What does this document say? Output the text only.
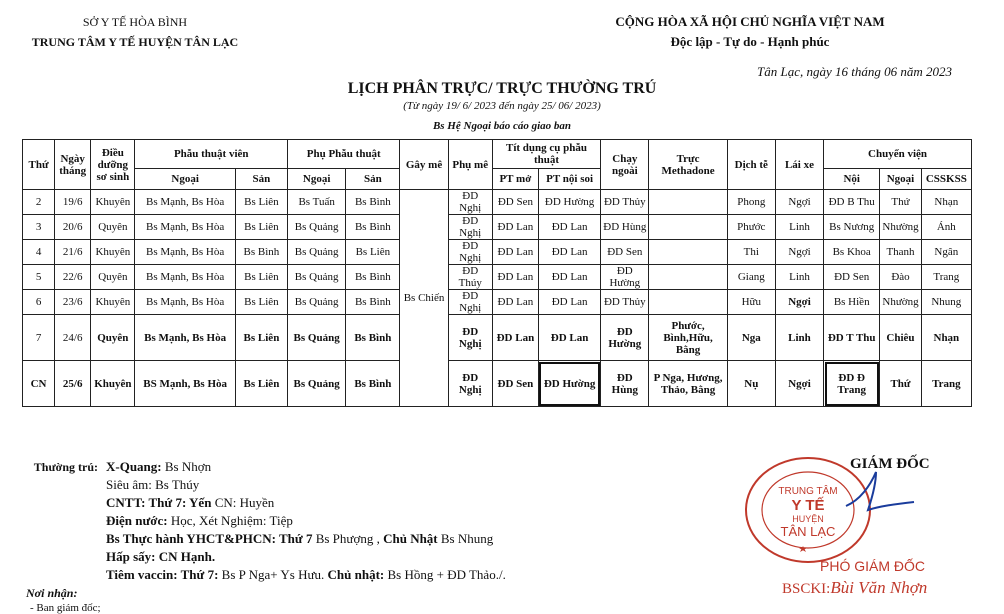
SỞ Y TẾ HÒA BÌNH
TRUNG TÂM Y TẾ HUYỆN TÂN LẠC
CỘNG HÒA XÃ HỘI CHỦ NGHĨA VIỆT NAM
Độc lập - Tự do - Hạnh phúc
Tân Lạc, ngày 16 tháng 06 năm 2023
LỊCH PHÂN TRỰC/ TRỰC THƯỜNG TRÚ
(Từ ngày 19/ 6/ 2023 đến ngày 25/ 06/ 2023)
Bs Hệ Ngoại báo cáo giao ban
Thứ	Ngày tháng	Điều dưỡng sơ sinh	Phẫu thuật viên		Phụ Phẫu thuật		Gây mê	Phụ mê	Tít dụng cụ phẫu thuật		Chạy ngoài	Trực Methadone	Dịch tễ	Lái xe	Chuyển viện		
			Ngoại	Sản	Ngoại	Sản			PT mở	PT nội soi					Nội	Ngoại	CSSKSS
2	19/6	Khuyên	Bs Mạnh, Bs Hòa	Bs Liên	Bs Tuấn	Bs Bình	Bs Chiến	ĐD Nghị	ĐD Sen	ĐD Hường	ĐD Thủy		Phong	Ngợi	ĐD B Thu	Thứ	Nhạn
3	20/6	Quyên	Bs Mạnh, Bs Hòa	Bs Liên	Bs Quảng	Bs Bình		ĐD Nghị	ĐD Lan	ĐD Lan	ĐD Hùng		Phước	Linh	Bs Nương	Nhường	Ánh
4	21/6	Khuyên	Bs Mạnh, Bs Hòa	Bs Bình	Bs Quảng	Bs Liên		ĐD Nghị	ĐD Lan	ĐD Lan	ĐD Sen		Thi	Ngợi	Bs Khoa	Thanh	Ngân
5	22/6	Quyên	Bs Mạnh, Bs Hòa	Bs Liên	Bs Quảng	Bs Bình		ĐD Thúy	ĐD Lan	ĐD Lan	ĐD Hường		Giang	Linh	ĐD Sen	Đào	Trang
6	23/6	Khuyên	Bs Mạnh, Bs Hòa	Bs Liên	Bs Quảng	Bs Bình		ĐD Nghị	ĐD Lan	ĐD Lan	ĐD Thủy		Hữu	Ngợi	Bs Hiền	Nhường	Nhung
7	24/6	Quyên	Bs Mạnh, Bs Hòa	Bs Liên	Bs Quảng	Bs Bình		ĐD Nghị	ĐD Lan	ĐD Lan	ĐD Hường	Phước, Bình,Hữu, Bằng	Nga	Linh	ĐD T Thu	Chiêu	Nhạn
CN	25/6	Khuyên	BS Mạnh, Bs Hòa	Bs Liên	Bs Quảng	Bs Bình		ĐD Nghị	ĐD Sen	ĐD Hường	ĐD Hùng	P Nga, Hương, Thảo, Bằng	Nụ	Ngợi	ĐD Đ Trang	Thứ	Trang
Thường trú: X-Quang: Bs Nhợn
Siêu âm: Bs Thúy
CNTT: Thứ 7: Yến CN: Huyền
Điện nước: Học, Xét Nghiệm: Tiệp
Bs Thực hành YHCT&PHCN: Thứ 7 Bs Phượng , Chủ Nhật Bs Nhung
Hấp sấy: CN Hạnh.
Tiêm vaccin: Thứ 7: Bs P Nga+ Ys Hưu. Chủ nhật: Bs Hồng + ĐD Thảo./.
TRUNG TÂM
Y TẾ
HUYỆN
TÂN LẠC
GIÁM ĐỐC
PHÓ GIÁM ĐỐC
BSCKI:Bùi Văn Nhợn
Nơi nhận:
- Ban giám đốc;
